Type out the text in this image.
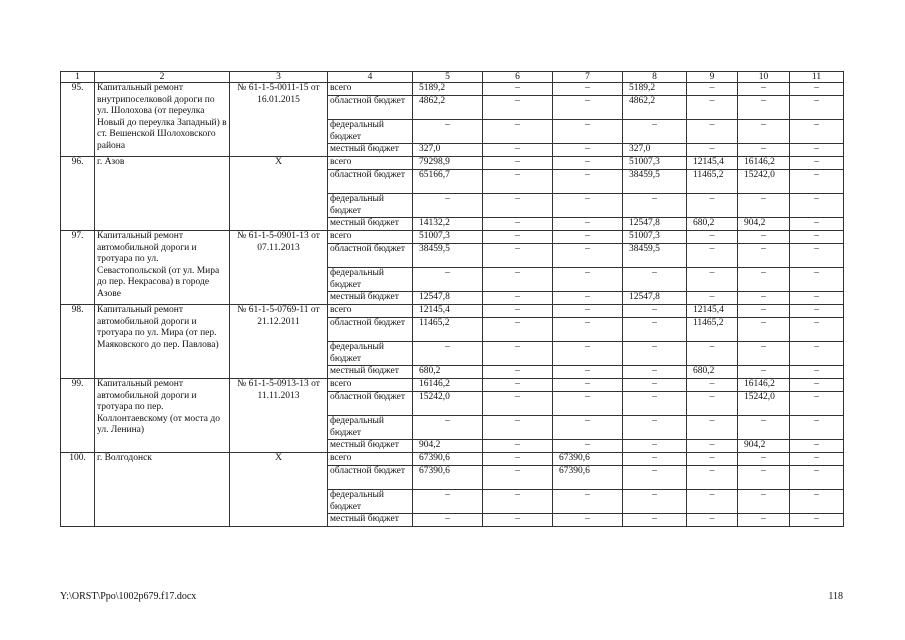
1	2	3	4	5	6	7	8	9	10	11
95.	Капитальный ремонт внутрипоселковой дороги по ул. Шолохова (от переулка Новый до переулка Западный) в ст. Вешенской Шолоховского района	№ 61-1-5-0011-15 от 16.01.2015	всего	5189,2	–	–	5189,2	–	–	–
			областной бюджет	4862,2	–	–	4862,2	–	–	–
			федеральный бюджет	–	–	–	–	–	–	–
			местный бюджет	327,0	–	–	327,0	–	–	–
96.	г. Азов	Х	всего	79298,9	–	–	51007,3	12145,4	16146,2	–
			областной бюджет	65166,7	–	–	38459,5	11465,2	15242,0	–
			федеральный бюджет	–	–	–	–	–	–	–
			местный бюджет	14132,2	–	–	12547,8	680,2	904,2	–
97.	Капитальный ремонт автомобильной дороги и тротуара по ул. Севастопольской (от ул. Мира до пер. Некрасова) в городе Азове	№ 61-1-5-0901-13 от 07.11.2013	всего	51007,3	–	–	51007,3	–	–	–
			областной бюджет	38459,5	–	–	38459,5	–	–	–
			федеральный бюджет	–	–	–	–	–	–	–
			местный бюджет	12547,8	–	–	12547,8	–	–	–
98.	Капитальный ремонт автомобильной дороги и тротуара по ул. Мира (от пер. Маяковского до пер. Павлова)	№ 61-1-5-0769-11 от 21.12.2011	всего	12145,4	–	–	–	12145,4	–	–
			областной бюджет	11465,2	–	–	–	11465,2	–	–
			федеральный бюджет	–	–	–	–	–	–	–
			местный бюджет	680,2	–	–	–	680,2	–	–
99.	Капитальный ремонт автомобильной дороги и тротуара по пер. Коллонтаевскому (от моста до ул. Ленина)	№ 61-1-5-0913-13 от 11.11.2013	всего	16146,2	–	–	–	–	16146,2	–
			областной бюджет	15242,0	–	–	–	–	15242,0	–
			федеральный бюджет	–	–	–	–	–	–	–
			местный бюджет	904,2	–	–	–	–	904,2	–
100.	г. Волгодонск	Х	всего	67390,6	–	67390,6	–	–	–	–
			областной бюджет	67390,6	–	67390,6	–	–	–	–
			федеральный бюджет	–	–	–	–	–	–	–
			местный бюджет	–	–	–	–	–	–	–
Y:\ORST\Ppo\1002p679.f17.docx	118
